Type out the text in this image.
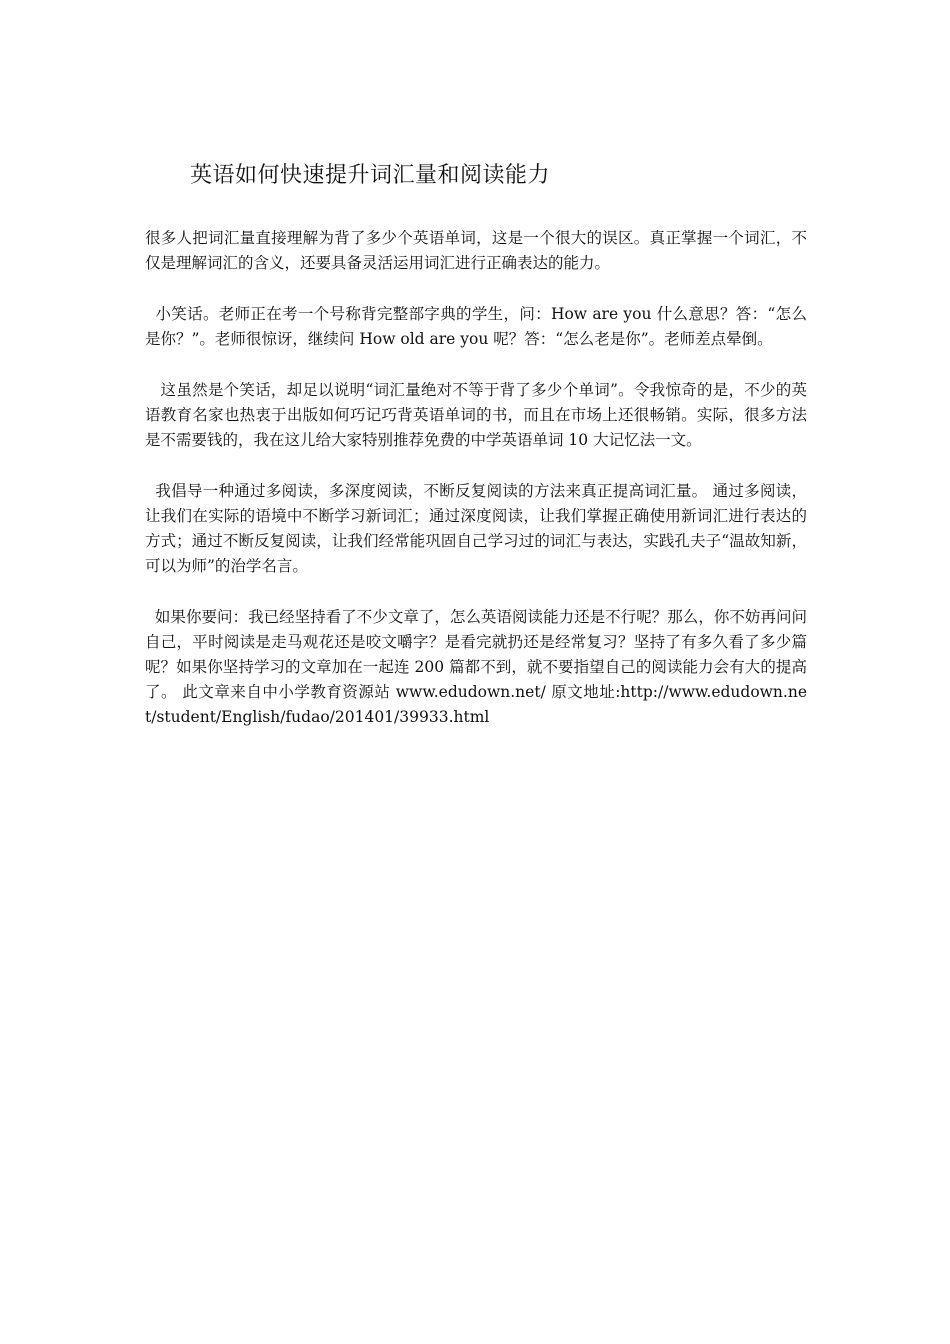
英语如何快速提升词汇量和阅读能力

很多人把词汇量直接理解为背了多少个英语单词，这是一个很大的误区。真正掌握一个词汇，不仅是理解词汇的含义，还要具备灵活运用词汇进行正确表达的能力。

小笑话。老师正在考一个号称背完整部字典的学生，问：How are you 什么意思？答：“怎么是你？”。老师很惊讶，继续问 How old are you 呢？答：“怎么老是你”。老师差点晕倒。

这虽然是个笑话，却足以说明“词汇量绝对不等于背了多少个单词”。令我惊奇的是，不少的英语教育名家也热衷于出版如何巧记巧背英语单词的书，而且在市场上还很畅销。实际，很多方法是不需要钱的，我在这儿给大家特别推荐免费的中学英语单词 10 大记忆法一文。

我倡导一种通过多阅读，多深度阅读，不断反复阅读的方法来真正提高词汇量。 通过多阅读，让我们在实际的语境中不断学习新词汇；通过深度阅读，让我们掌握正确使用新词汇进行表达的方式；通过不断反复阅读，让我们经常能巩固自己学习过的词汇与表达，实践孔夫子“温故知新，可以为师”的治学名言。

如果你要问：我已经坚持看了不少文章了，怎么英语阅读能力还是不行呢？那么，你不妨再问问自己，平时阅读是走马观花还是咬文嚼字？是看完就扔还是经常复习？坚持了有多久看了多少篇呢？如果你坚持学习的文章加在一起连 200 篇都不到，就不要指望自己的阅读能力会有大的提高了。 此文章来自中小学教育资源站 www.edudown.net/ 原文地址:http://www.edudown.net/student/English/fudao/201401/39933.html
